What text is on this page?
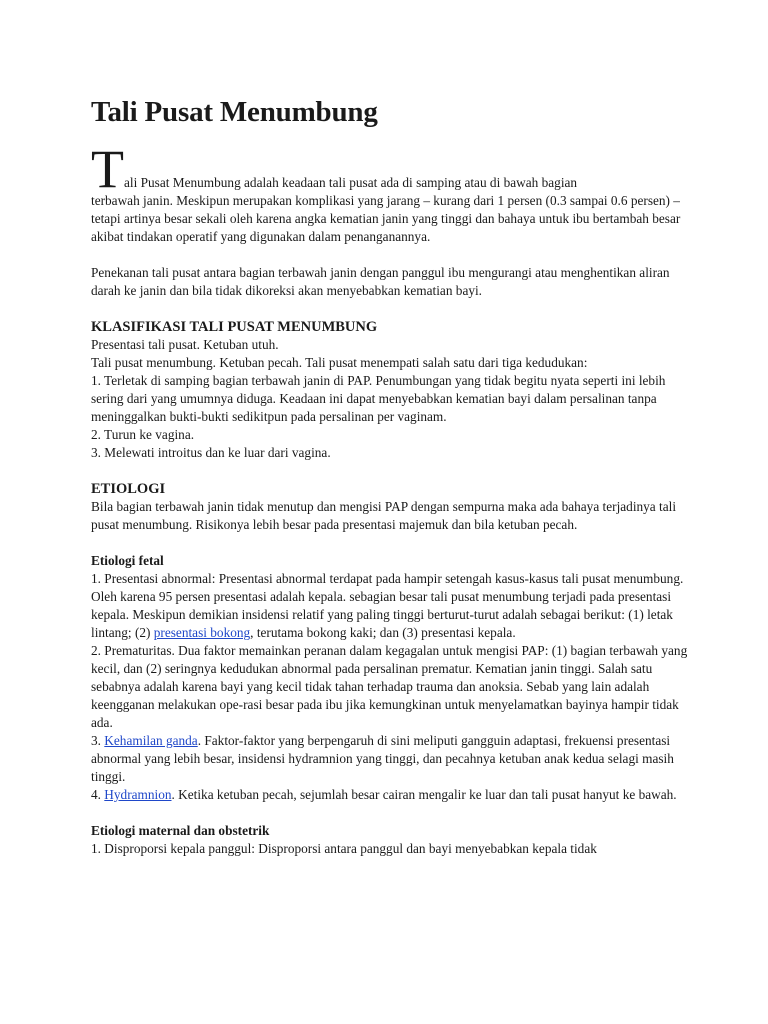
Tali Pusat Menumbung

Tali Pusat Menumbung adalah keadaan tali pusat ada di samping atau di bawah bagian

terbawah janin. Meskipun merupakan komplikasi yang jarang – kurang dari 1 persen (0.3 sampai 0.6 persen) – tetapi artinya besar sekali oleh karena angka kematian janin yang tinggi dan bahaya untuk ibu bertambah besar akibat tindakan operatif yang digunakan dalam penanganannya.

Penekanan tali pusat antara bagian terbawah janin dengan panggul ibu mengurangi atau menghentikan aliran darah ke janin dan bila tidak dikoreksi akan menyebabkan kematian bayi.

KLASIFIKASI TALI PUSAT MENUMBUNG

Presentasi tali pusat. Ketuban utuh.

Tali pusat menumbung. Ketuban pecah. Tali pusat menempati salah satu dari tiga kedudukan:

1. Terletak di samping bagian terbawah janin di PAP. Penumbungan yang tidak begitu nyata seperti ini lebih sering dari yang umumnya diduga. Keadaan ini dapat menyebabkan kematian bayi dalam persalinan tanpa meninggalkan bukti-bukti sedikitpun pada persalinan per vaginam.

2. Turun ke vagina.

3. Melewati introitus dan ke luar dari vagina.

ETIOLOGI

Bila bagian terbawah janin tidak menutup dan mengisi PAP dengan sempurna maka ada bahaya terjadinya tali pusat menumbung. Risikonya lebih besar pada presentasi majemuk dan bila ketuban pecah.

Etiologi fetal

1. Presentasi abnormal: Presentasi abnormal terdapat pada hampir setengah kasus-kasus tali pusat menumbung. Oleh karena 95 persen presentasi adalah kepala. sebagian besar tali pusat menumbung terjadi pada presentasi kepala. Meskipun demikian insidensi relatif yang paling tinggi berturut-turut adalah sebagai berikut: (1) letak lintang; (2) presentasi bokong, terutama bokong kaki; dan (3) presentasi kepala.

2. Prematuritas. Dua faktor memainkan peranan dalam kegagalan untuk mengisi PAP: (1) bagian terbawah yang kecil, dan (2) seringnya kedudukan abnormal pada persalinan prematur. Kematian janin tinggi. Salah satu sebabnya adalah karena bayi yang kecil tidak tahan terhadap trauma dan anoksia. Sebab yang lain adalah keengganan melakukan ope-rasi besar pada ibu jika kemungkinan untuk menyelamatkan bayinya hampir tidak ada.

3. Kehamilan ganda. Faktor-faktor yang berpengaruh di sini meliputi gangguin adaptasi, frekuensi presentasi abnormal yang lebih besar, insidensi hydramnion yang tinggi, dan pecahnya ketuban anak kedua selagi masih tinggi.

4. Hydramnion. Ketika ketuban pecah, sejumlah besar cairan mengalir ke luar dan tali pusat hanyut ke bawah.

Etiologi maternal dan obstetrik

1. Disproporsi kepala panggul: Disproporsi antara panggul dan bayi menyebabkan kepala tidak
